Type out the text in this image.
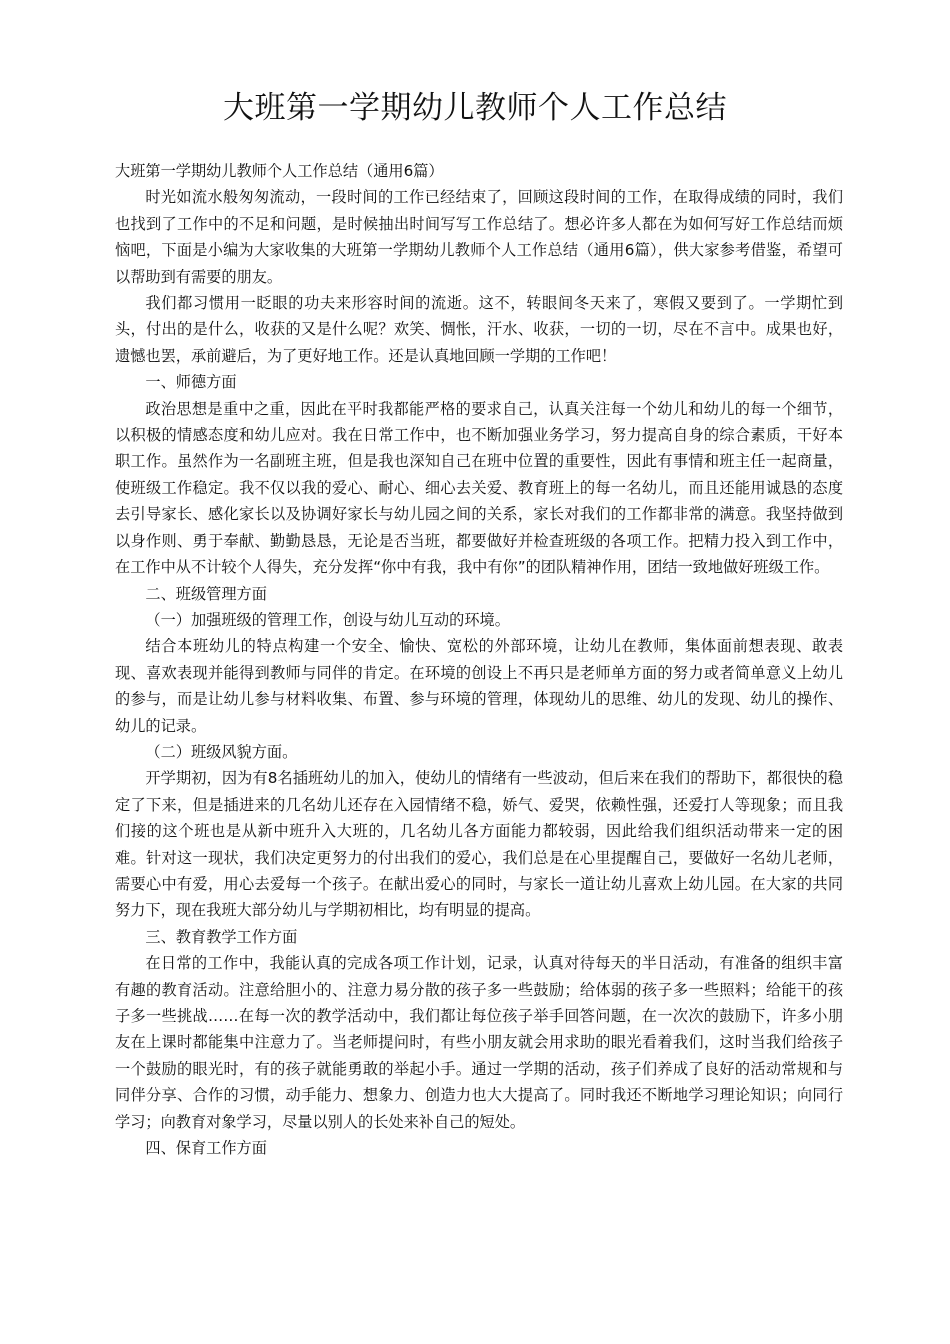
大班第一学期幼儿教师个人工作总结

大班第一学期幼儿教师个人工作总结（通用6篇）

时光如流水般匆匆流动，一段时间的工作已经结束了，回顾这段时间的工作，在取得成绩的同时，我们也找到了工作中的不足和问题，是时候抽出时间写写工作总结了。想必许多人都在为如何写好工作总结而烦恼吧，下面是小编为大家收集的大班第一学期幼儿教师个人工作总结（通用6篇），供大家参考借鉴，希望可以帮助到有需要的朋友。

我们都习惯用一眨眼的功夫来形容时间的流逝。这不，转眼间冬天来了，寒假又要到了。一学期忙到头，付出的是什么，收获的又是什么呢？欢笑、惆怅，汗水、收获，一切的一切，尽在不言中。成果也好，遗憾也罢，承前避后，为了更好地工作。还是认真地回顾一学期的工作吧！

一、师德方面

政治思想是重中之重，因此在平时我都能严格的要求自己，认真关注每一个幼儿和幼儿的每一个细节，以积极的情感态度和幼儿应对。我在日常工作中，也不断加强业务学习，努力提高自身的综合素质，干好本职工作。虽然作为一名副班主班，但是我也深知自己在班中位置的重要性，因此有事情和班主任一起商量，使班级工作稳定。我不仅以我的爱心、耐心、细心去关爱、教育班上的每一名幼儿，而且还能用诚恳的态度去引导家长、感化家长以及协调好家长与幼儿园之间的关系，家长对我们的工作都非常的满意。我坚持做到以身作则、勇于奉献、勤勤恳恳，无论是否当班，都要做好并检查班级的各项工作。把精力投入到工作中，在工作中从不计较个人得失，充分发挥“你中有我，我中有你”的团队精神作用，团结一致地做好班级工作。

二、班级管理方面

（一）加强班级的管理工作，创设与幼儿互动的环境。

结合本班幼儿的特点构建一个安全、愉快、宽松的外部环境，让幼儿在教师，集体面前想表现、敢表现、喜欢表现并能得到教师与同伴的肯定。在环境的创设上不再只是老师单方面的努力或者简单意义上幼儿的参与，而是让幼儿参与材料收集、布置、参与环境的管理，体现幼儿的思维、幼儿的发现、幼儿的操作、幼儿的记录。

（二）班级风貌方面。

开学期初，因为有8名插班幼儿的加入，使幼儿的情绪有一些波动，但后来在我们的帮助下，都很快的稳定了下来，但是插进来的几名幼儿还存在入园情绪不稳，娇气、爱哭，依赖性强，还爱打人等现象；而且我们接的这个班也是从新中班升入大班的，几名幼儿各方面能力都较弱，因此给我们组织活动带来一定的困难。针对这一现状，我们决定更努力的付出我们的爱心，我们总是在心里提醒自己，要做好一名幼儿老师，需要心中有爱，用心去爱每一个孩子。在献出爱心的同时，与家长一道让幼儿喜欢上幼儿园。在大家的共同努力下，现在我班大部分幼儿与学期初相比，均有明显的提高。

三、教育教学工作方面

在日常的工作中，我能认真的完成各项工作计划，记录，认真对待每天的半日活动，有准备的组织丰富有趣的教育活动。注意给胆小的、注意力易分散的孩子多一些鼓励；给体弱的孩子多一些照料；给能干的孩子多一些挑战……在每一次的教学活动中，我们都让每位孩子举手回答问题，在一次次的鼓励下，许多小朋友在上课时都能集中注意力了。当老师提问时，有些小朋友就会用求助的眼光看着我们，这时当我们给孩子一个鼓励的眼光时，有的孩子就能勇敢的举起小手。通过一学期的活动，孩子们养成了良好的活动常规和与同伴分享、合作的习惯，动手能力、想象力、创造力也大大提高了。同时我还不断地学习理论知识；向同行学习；向教育对象学习，尽量以别人的长处来补自己的短处。

四、保育工作方面
